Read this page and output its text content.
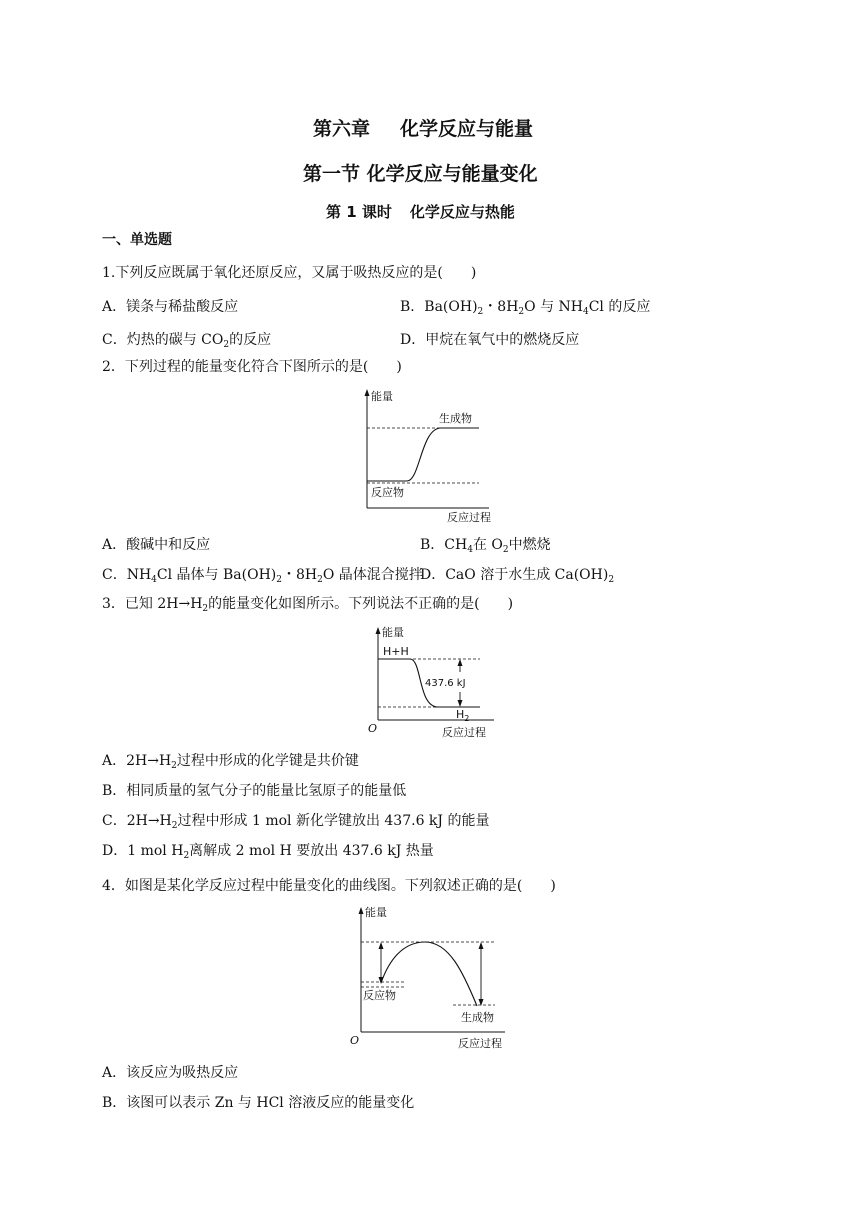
第六章 化学反应与能量
第一节 化学反应与能量变化
第 1 课时 化学反应与热能
一、单选题
1.下列反应既属于氧化还原反应，又属于吸热反应的是(　　)
A．镁条与稀盐酸反应	B．$Ba(OH)_2$・$8H_2O$ 与 $NH_4Cl$ 的反应
C．灼热的碳与 $CO_2$的反应	D．甲烷在氧气中的燃烧反应
2．下列过程的能量变化符合下图所示的是(　　)
能量
生成物
反应物
反应过程
A．酸碱中和反应	B．$CH_4$在 $O_2$中燃烧
C．$NH_4Cl$ 晶体与 $Ba(OH)_2$・$8H_2O$ 晶体混合搅拌
D．CaO 溶于水生成 $Ca(OH)_2$
3．已知 $2H\to H_2$的能量变化如图所示。下列说法不正确的是(　　)
能量
H+H
437.6 kJ
$H_2$
O	反应过程
A．$2H\to H_2$过程中形成的化学键是共价键
B．相同质量的氢气分子的能量比氢原子的能量低
C．$2H\to H_2$过程中形成 1 mol 新化学键放出 437.6 kJ 的能量
D．1 mol $H_2$离解成 2 mol H 要放出 437.6 kJ 热量
4．如图是某化学反应过程中能量变化的曲线图。下列叙述正确的是(　　)
能量
反应物
生成物
O	反应过程
A．该反应为吸热反应
B．该图可以表示 Zn 与 HCl 溶液反应的能量变化
